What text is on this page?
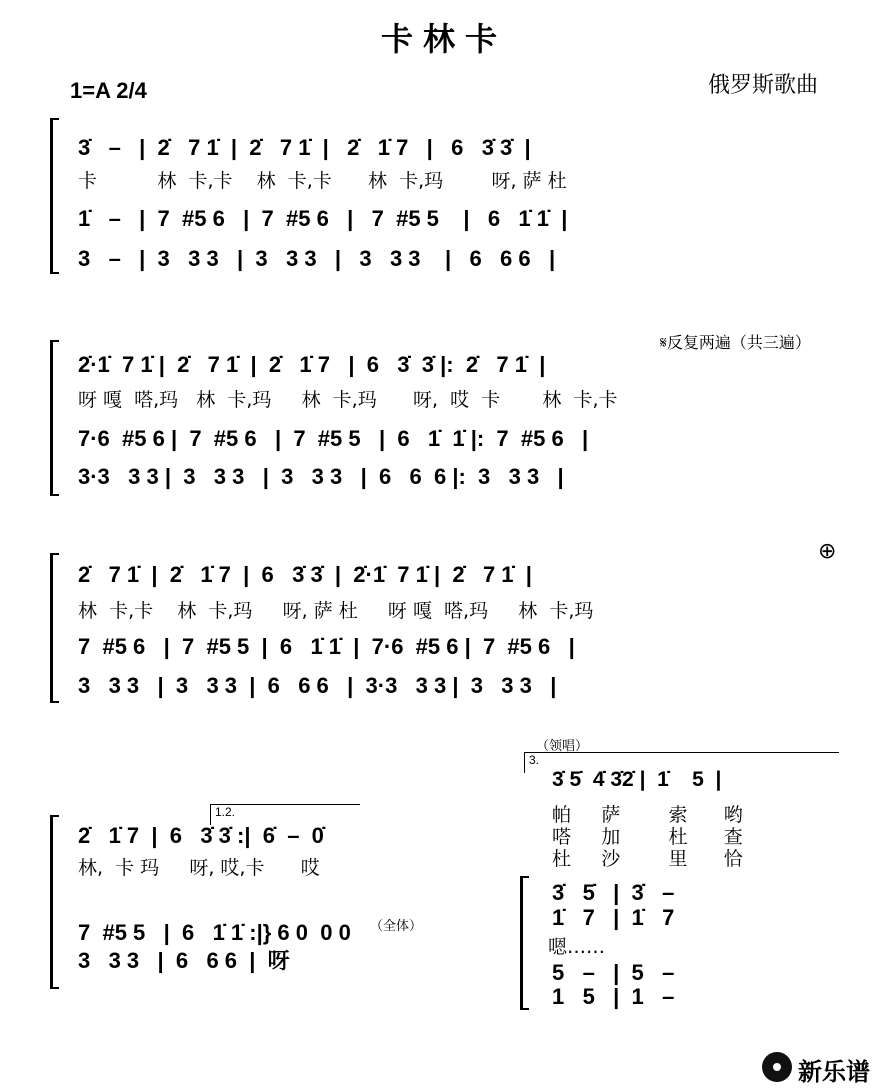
卡林卡
1=A 2/4	俄罗斯歌曲
3̇   –   |  2̇   7 1̇  |  2̇   7 1̇  |   2̇   1̇ 7   |   6   3̇ 3̇  |
卡          林  卡,卡    林  卡,卡      林  卡,玛        呀, 萨 杜
1̇   –   |  7  #5 6   |  7  #5 6   |   7  #5 5    |   6   1̇ 1̇  |
3   –   |  3   3 3   |  3   3 3   |   3   3 3    |   6   6 6   |
𝄋反复两遍（共三遍）
2̇·1̇  7 1̇ |  2̇   7 1̇  |  2̇   1̇ 7   |  6   3̇  3̇ |:  2̇   7 1̇  |
呀 嘎  嗒,玛   林  卡,玛     林  卡,玛      呀,  哎  卡       林  卡,卡
7·6  #5 6 |  7  #5 6   |  7  #5 5   |  6   1̇  1̇ |:  7  #5 6   |
3·3   3 3 |  3   3 3   |  3   3 3   |  6   6  6 |:  3   3 3   |
⊕
2̇   7 1̇  |  2̇   1̇ 7  |  6   3̇ 3̇  |  2̇·1̇  7 1̇ |  2̇   7 1̇  |
林  卡,卡    林  卡,玛     呀, 萨 杜     呀 嘎  嗒,玛     林  卡,玛
7  #5 6   |  7  #5 5  |  6   1̇ 1̇  |  7·6  #5 6 |  7  #5 6   |
3   3 3   |  3   3 3  |  6   6 6   |  3·3   3 3 |  3   3 3   |
1.2.
2̇   1̇ 7  |  6   3̇ 3̇ :|  6̇  –  0̇
林,  卡 玛     呀, 哎,卡      哎
（全体）
7  #5 5   |  6   1̇ 1̇ :|} 6 0  0 0
3   3 3   |  6   6 6  |  呀
（领唱）
3.
3̇ 5̇  4̇ 3̇2̇ |  1̇    5  |
帕     萨        索      哟
嗒     加        杜      查
杜     沙        里      恰
3̇   5̇   |  3̇   –
1̇   7   |  1̇   7
嗯……
5   –   |  5   –
1   5   |  1   –
新乐谱
